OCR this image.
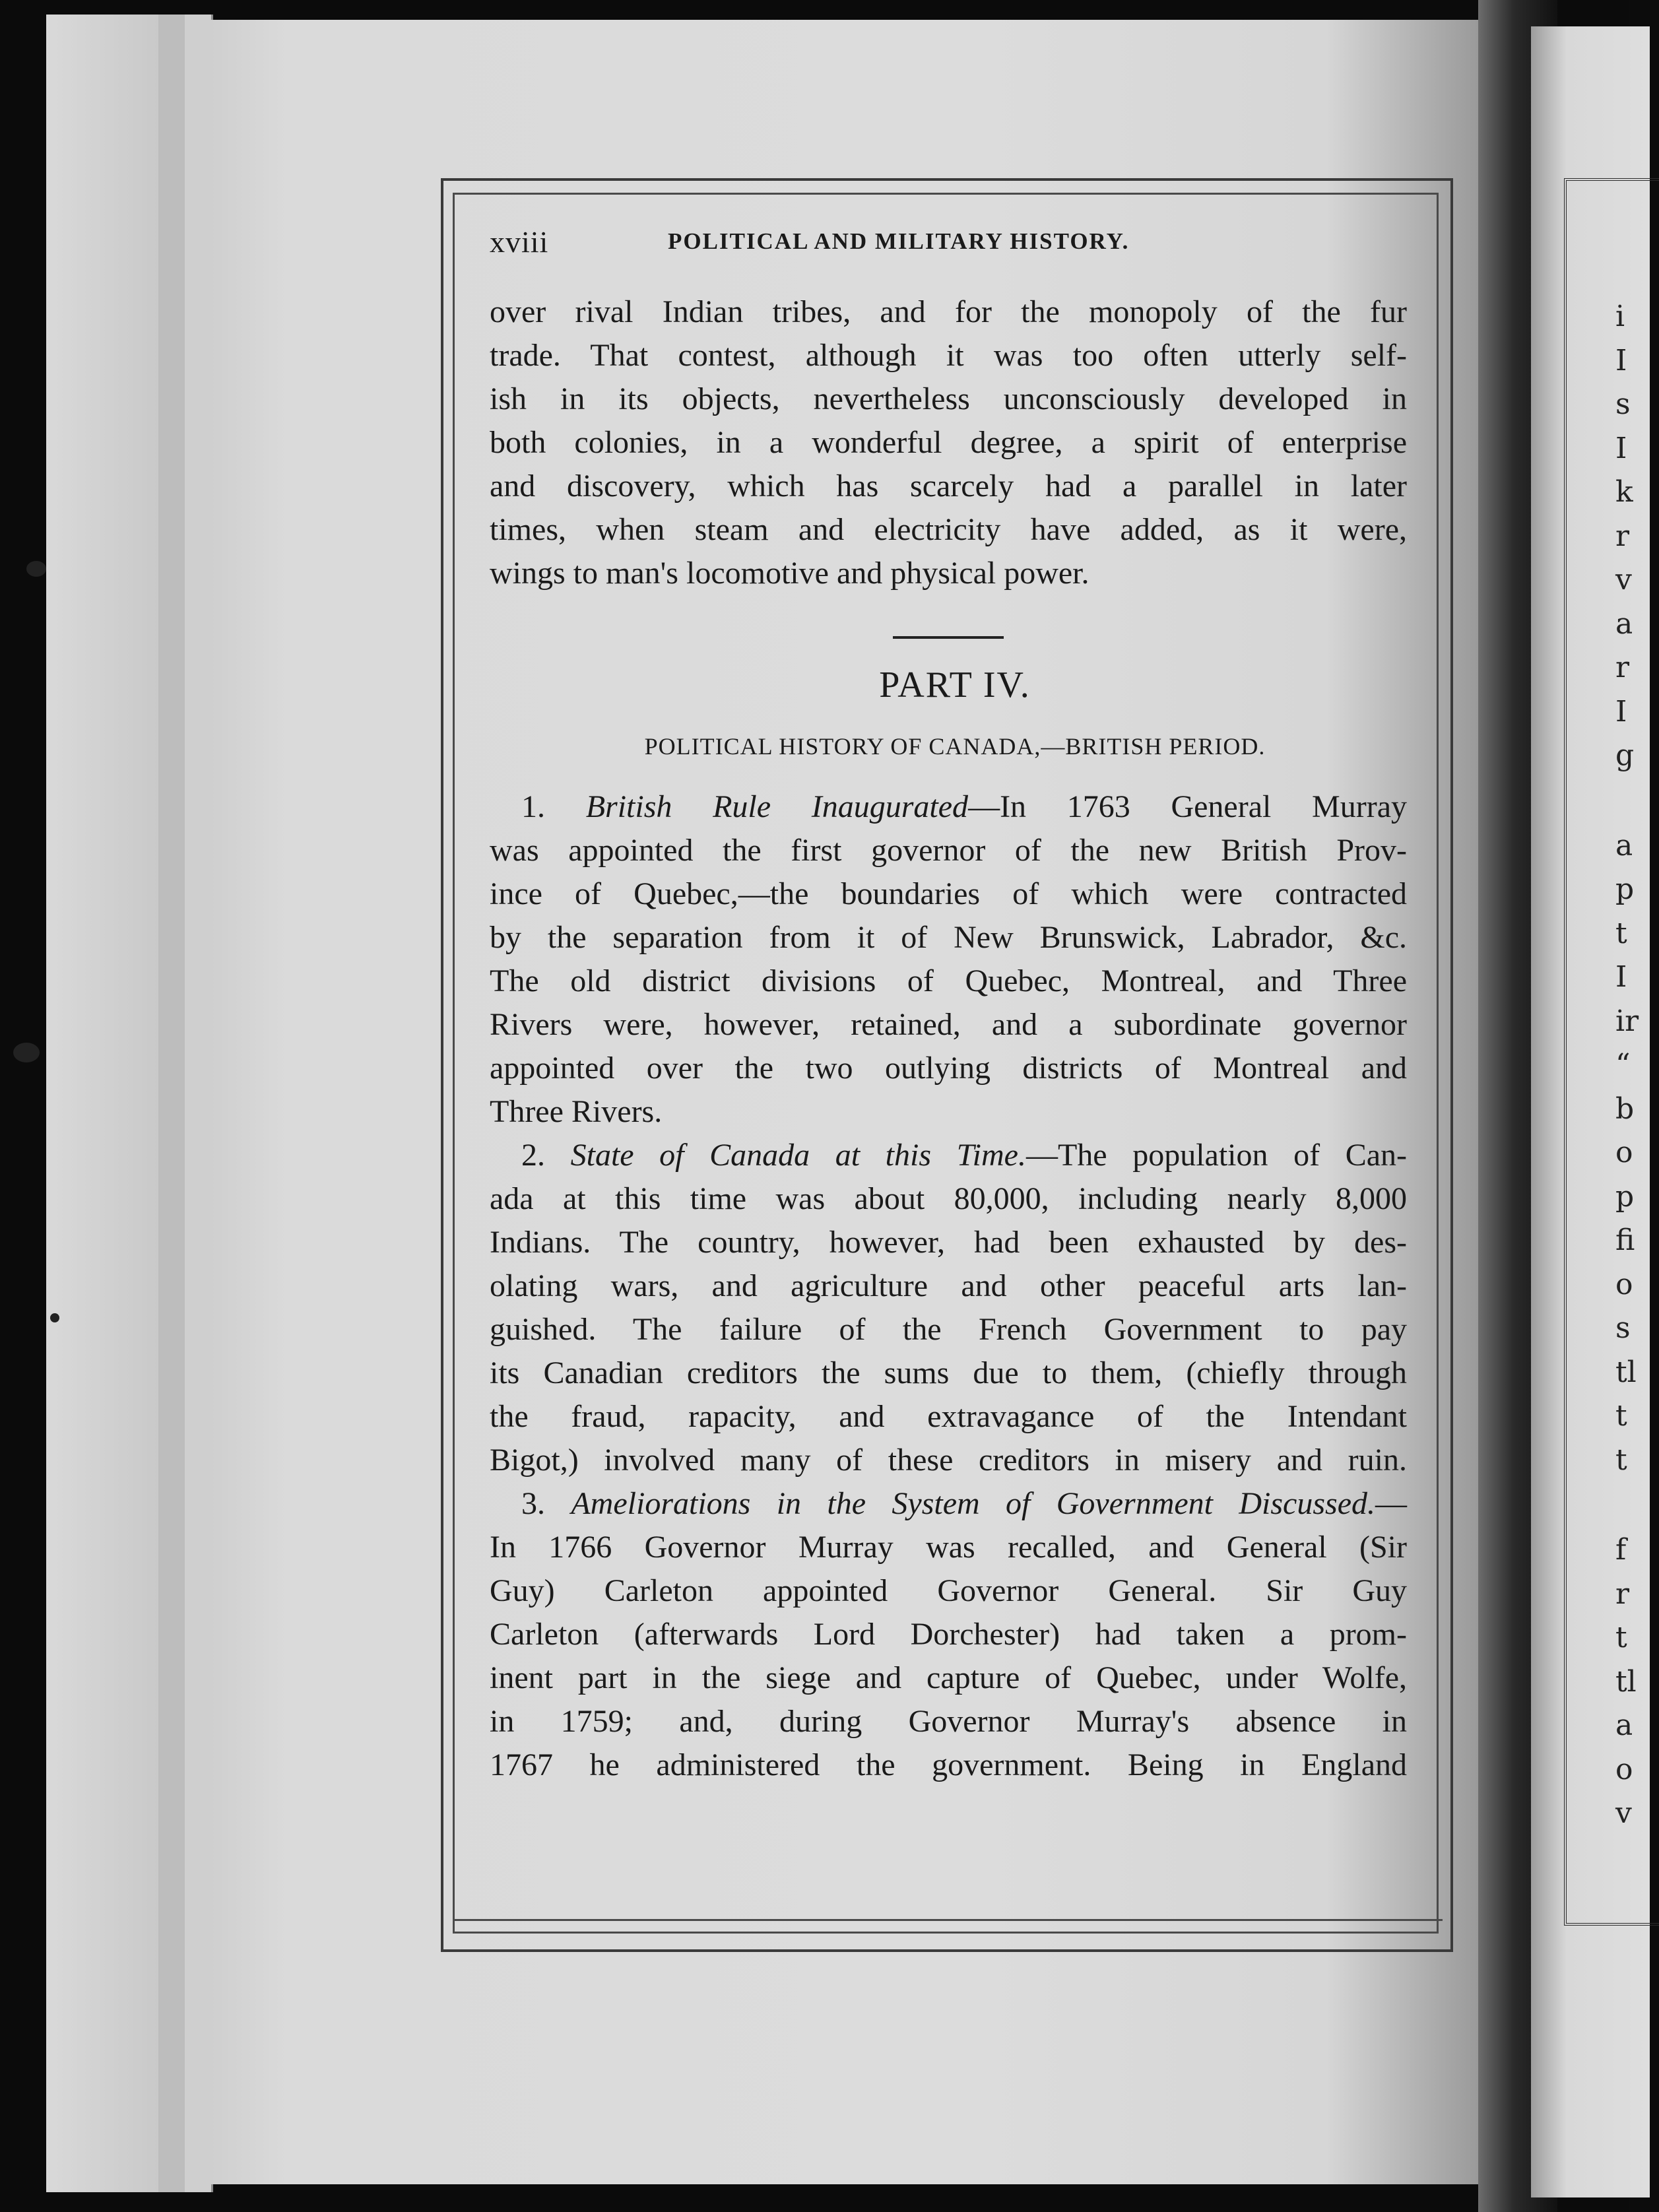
i
I
s
I
k
r
v
a
r
I
g
a
p
t
I
ir
“
b
o
p
fi
o
s
tl
t
t
f
r
t
tl
a
o
v
xviii	POLITICAL AND MILITARY HISTORY.
over rival Indian tribes, and for the monopoly of the fur
trade. That contest, although it was too often utterly self-
ish in its objects, nevertheless unconsciously developed in
both colonies, in a wonderful degree, a spirit of enterprise
and discovery, which has scarcely had a parallel in later
times, when steam and electricity have added, as it were,
wings to man's locomotive and physical power.
PART IV.
POLITICAL HISTORY OF CANADA,—BRITISH PERIOD.
1. British Rule Inaugurated—In 1763 General Murray
was appointed the first governor of the new British Prov-
ince of Quebec,—the boundaries of which were contracted
by the separation from it of New Brunswick, Labrador, &c.
The old district divisions of Quebec, Montreal, and Three
Rivers were, however, retained, and a subordinate governor
appointed over the two outlying districts of Montreal and
Three Rivers.
2. State of Canada at this Time.—The population of Can-
ada at this time was about 80,000, including nearly 8,000
Indians. The country, however, had been exhausted by des-
olating wars, and agriculture and other peaceful arts lan-
guished. The failure of the French Government to pay
its Canadian creditors the sums due to them, (chiefly through
the fraud, rapacity, and extravagance of the Intendant
Bigot,) involved many of these creditors in misery and ruin.
3. Ameliorations in the System of Government Discussed.—
In 1766 Governor Murray was recalled, and General (Sir
Guy) Carleton appointed Governor General. Sir Guy
Carleton (afterwards Lord Dorchester) had taken a prom-
inent part in the siege and capture of Quebec, under Wolfe,
in 1759; and, during Governor Murray's absence in
1767 he administered the government. Being in England
